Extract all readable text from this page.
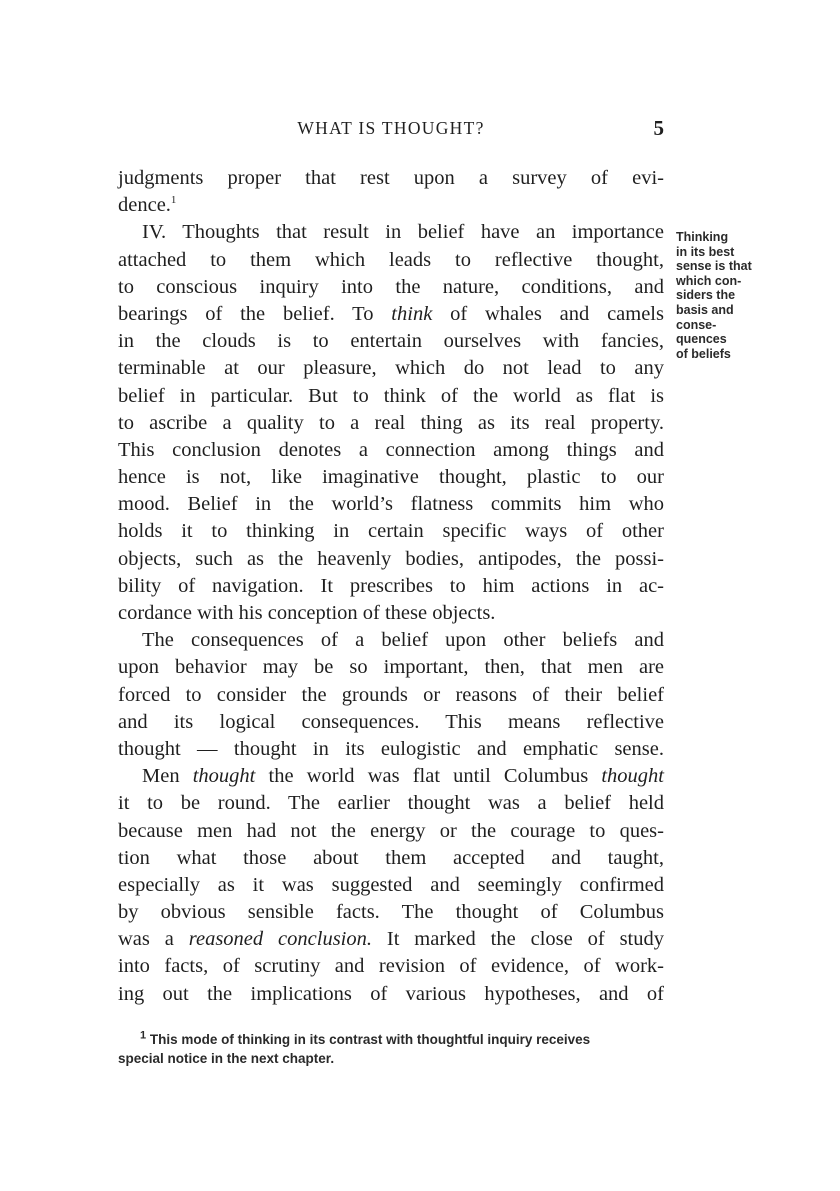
WHAT IS THOUGHT?	5

judgments proper that rest upon a survey of evi-
dence.$^1$

IV. Thoughts that result in belief have an importance
attached to them which leads to reflective thought,
to conscious inquiry into the nature, conditions, and
bearings of the belief. To think of whales and camels
in the clouds is to entertain ourselves with fancies,
terminable at our pleasure, which do not lead to any
belief in particular. But to think of the world as flat is
to ascribe a quality to a real thing as its real property.
This conclusion denotes a connection among things and
hence is not, like imaginative thought, plastic to our
mood. Belief in the world’s flatness commits him who
holds it to thinking in certain specific ways of other
objects, such as the heavenly bodies, antipodes, the possi-
bility of navigation. It prescribes to him actions in ac-
cordance with his conception of these objects.

The consequences of a belief upon other beliefs and
upon behavior may be so important, then, that men are
forced to consider the grounds or reasons of their belief
and its logical consequences. This means reflective
thought — thought in its eulogistic and emphatic sense.

Men thought the world was flat until Columbus thought
it to be round. The earlier thought was a belief held
because men had not the energy or the courage to ques-
tion what those about them accepted and taught,
especially as it was suggested and seemingly confirmed
by obvious sensible facts. The thought of Columbus
was a reasoned conclusion. It marked the close of study
into facts, of scrutiny and revision of evidence, of work-
ing out the implications of various hypotheses, and of

Thinking
in its best
sense is that
which con-
siders the
basis and
conse-
quences
of beliefs
$^1$ This mode of thinking in its contrast with thoughtful inquiry receives
special notice in the next chapter.
